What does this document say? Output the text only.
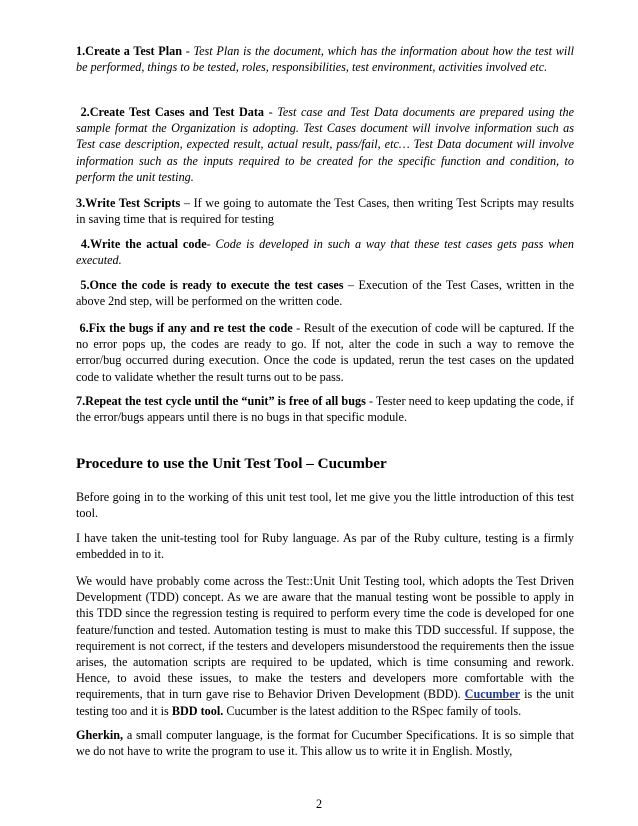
1.Create a Test Plan - Test Plan is the document, which has the information about how the test will be performed, things to be tested, roles, responsibilities, test environment, activities involved etc.

2.Create Test Cases and Test Data - Test case and Test Data documents are prepared using the sample format the Organization is adopting. Test Cases document will involve information such as Test case description, expected result, actual result, pass/fail, etc… Test Data document will involve information such as the inputs required to be created for the specific function and condition, to perform the unit testing.

3.Write Test Scripts – If we going to automate the Test Cases, then writing Test Scripts may results in saving time that is required for testing

4.Write the actual code- Code is developed in such a way that these test cases gets pass when executed.

5.Once the code is ready to execute the test cases – Execution of the Test Cases, written in the above 2nd step, will be performed on the written code.

6.Fix the bugs if any and re test the code - Result of the execution of code will be captured. If the no error pops up, the codes are ready to go. If not, alter the code in such a way to remove the error/bug occurred during execution. Once the code is updated, rerun the test cases on the updated code to validate whether the result turns out to be pass.

7.Repeat the test cycle until the “unit” is free of all bugs - Tester need to keep updating the code, if the error/bugs appears until there is no bugs in that specific module.

Procedure to use the Unit Test Tool – Cucumber

Before going in to the working of this unit test tool, let me give you the little introduction of this test tool.

I have taken the unit-testing tool for Ruby language. As par of the Ruby culture, testing is a firmly embedded in to it.

We would have probably come across the Test::Unit Unit Testing tool, which adopts the Test Driven Development (TDD) concept. As we are aware that the manual testing wont be possible to apply in this TDD since the regression testing is required to perform every time the code is developed for one feature/function and tested. Automation testing is must to make this TDD successful. If suppose, the requirement is not correct, if the testers and developers misunderstood the requirements then the issue arises, the automation scripts are required to be updated, which is time consuming and rework. Hence, to avoid these issues, to make the testers and developers more comfortable with the requirements, that in turn gave rise to Behavior Driven Development (BDD). Cucumber is the unit testing too and it is BDD tool. Cucumber is the latest addition to the RSpec family of tools.

Gherkin, a small computer language, is the format for Cucumber Specifications. It is so simple that we do not have to write the program to use it. This allow us to write it in English. Mostly,

2
